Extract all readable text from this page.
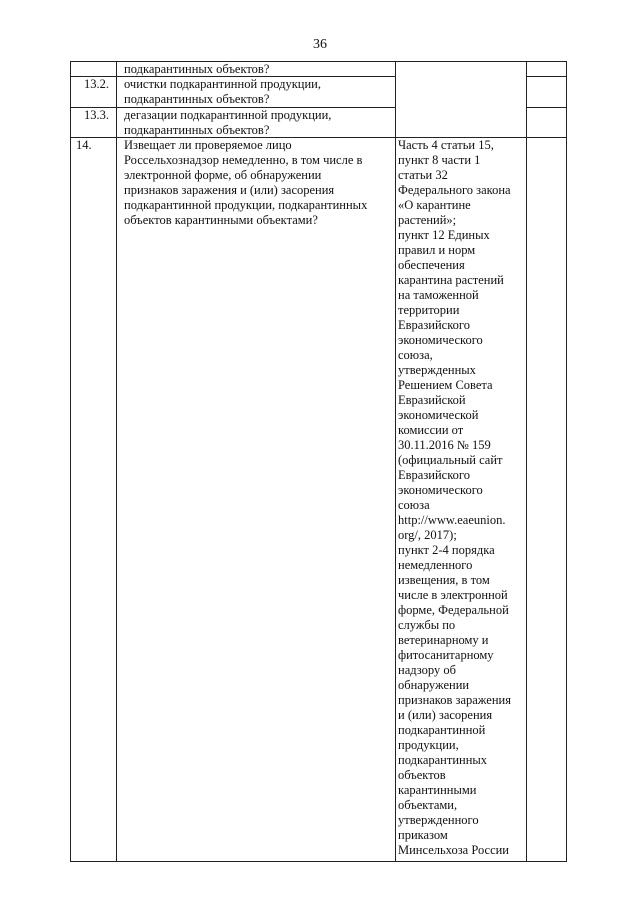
36

подкарантинных объектов?

13.2. очистки подкарантинной продукции,
подкарантинных объектов?

13.3. дегазации подкарантинной продукции,
подкарантинных объектов?

14.	Извещает ли проверяемое лицо
Россельхознадзор немедленно, в том числе в
электронной форме, об обнаружении
признаков заражения и (или) засорения
подкарантинной продукции, подкарантинных
объектов карантинными объектами?

Часть 4 статьи 15,
пункт 8 части 1
статьи 32
Федерального закона
«О карантине
растений»;
пункт 12 Единых
правил и норм
обеспечения
карантина растений
на таможенной
территории
Евразийского
экономического
союза,
утвержденных
Решением Совета
Евразийской
экономической
комиссии от
30.11.2016 № 159
(официальный сайт
Евразийского
экономического
союза
http://www.eaeunion.
org/, 2017);
пункт 2-4 порядка
немедленного
извещения, в том
числе в электронной
форме, Федеральной
службы по
ветеринарному и
фитосанитарному
надзору об
обнаружении
признаков заражения
и (или) засорения
подкарантинной
продукции,
подкарантинных
объектов
карантинными
объектами,
утвержденного
приказом
Минсельхоза России
